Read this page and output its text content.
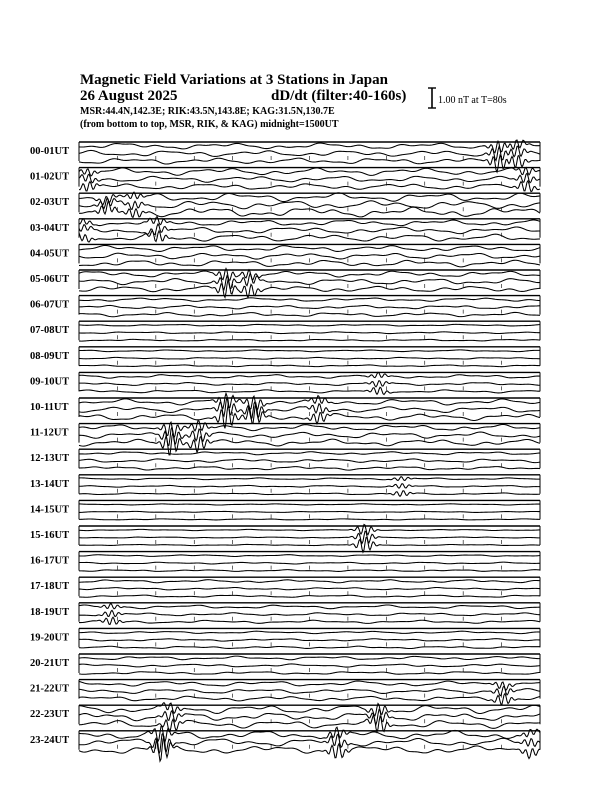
Magnetic Field Variations at 3 Stations in Japan
26 August 2025	dD/dt (filter:40-160s)
MSR:44.4N,142.3E; RIK:43.5N,143.8E; KAG:31.5N,130.7E
(from bottom to top, MSR, RIK, & KAG) midnight=1500UT
1.00 nT at T=80s
00-01UT
01-02UT
02-03UT
03-04UT
04-05UT
05-06UT
06-07UT
07-08UT
08-09UT
09-10UT
10-11UT
11-12UT
12-13UT
13-14UT
14-15UT
15-16UT
16-17UT
17-18UT
18-19UT
19-20UT
20-21UT
21-22UT
22-23UT
23-24UT
